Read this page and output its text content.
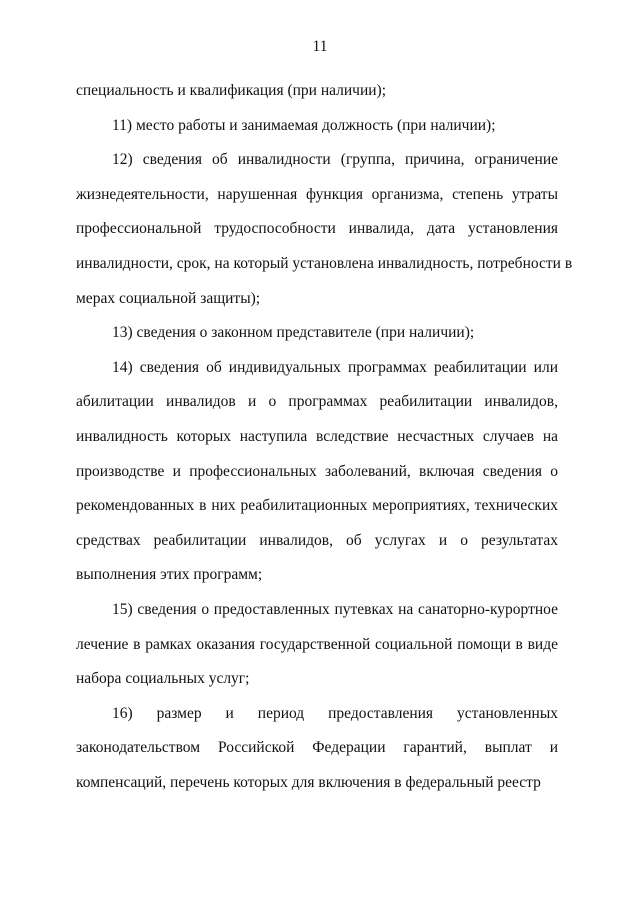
11
специальность и квалификация (при наличии);
11) место работы и занимаемая должность (при наличии);
12) сведения об инвалидности (группа, причина, ограничение
жизнедеятельности, нарушенная функция организма, степень утраты
профессиональной трудоспособности инвалида, дата установления
инвалидности, срок, на который установлена инвалидность, потребности в
мерах социальной защиты);
13) сведения о законном представителе (при наличии);
14) сведения об индивидуальных программах реабилитации или
абилитации инвалидов и о программах реабилитации инвалидов,
инвалидность которых наступила вследствие несчастных случаев на
производстве и профессиональных заболеваний, включая сведения о
рекомендованных в них реабилитационных мероприятиях, технических
средствах реабилитации инвалидов, об услугах и о результатах
выполнения этих программ;
15) сведения о предоставленных путевках на санаторно-курортное
лечение в рамках оказания государственной социальной помощи в виде
набора социальных услуг;
16) размер и период предоставления установленных
законодательством Российской Федерации гарантий, выплат и
компенсаций, перечень которых для включения в федеральный реестр
